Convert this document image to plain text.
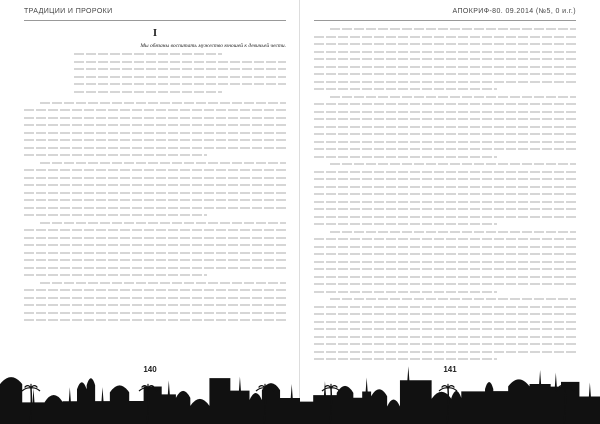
ТРАДИЦИИ И ПРОРОКИ
I
Мы обязаны воспитать мужество юношей к девичьей чести.
140
АПОКРИФ-80. 09.2014 (№5, 0 и.г.)
141
